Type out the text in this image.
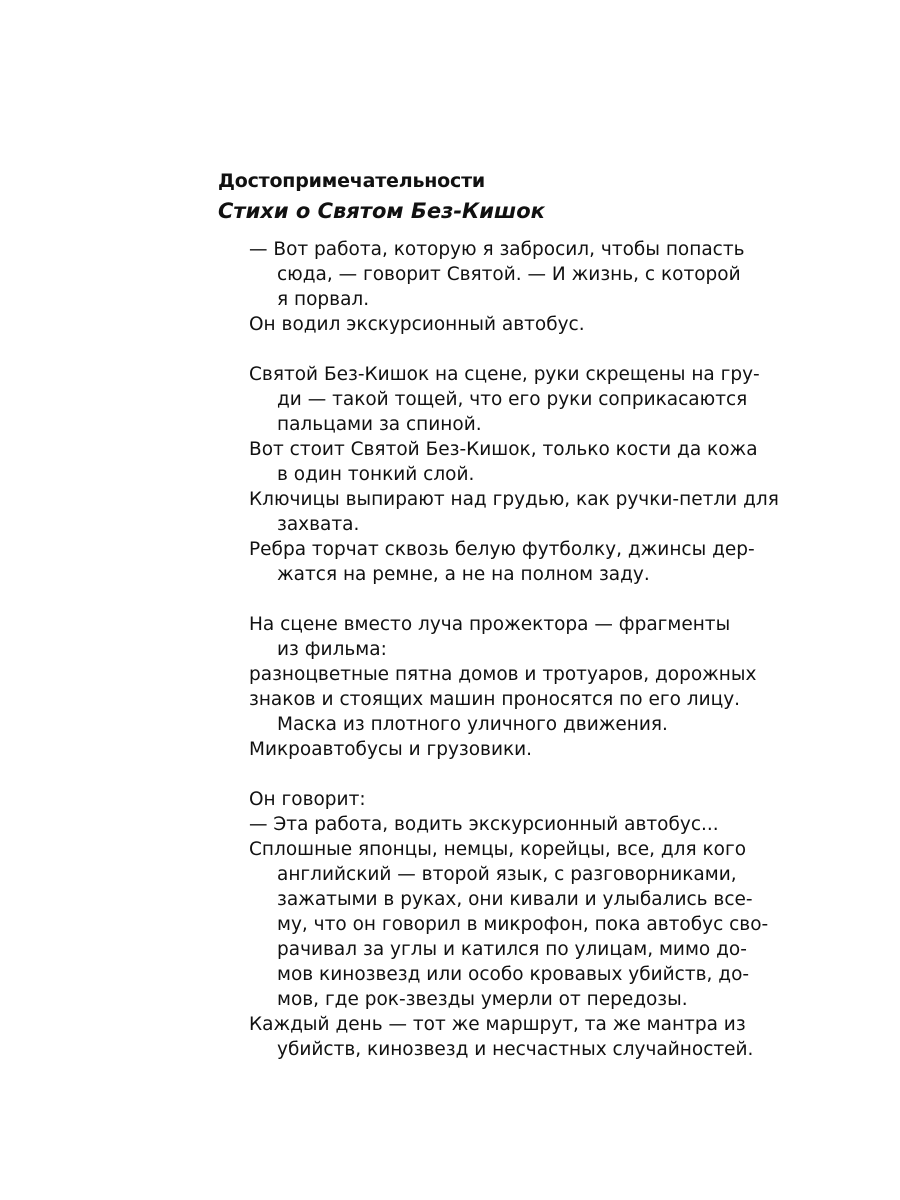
Достопримечательности
Стихи о Святом Без-Кишок
— Вот работа, которую я забросил, чтобы попасть
сюда, — говорит Святой. — И жизнь, с которой
я порвал.
Он водил экскурсионный автобус.
Святой Без-Кишок на сцене, руки скрещены на гру-
ди — такой тощей, что его руки соприкасаются
пальцами за спиной.
Вот стоит Святой Без-Кишок, только кости да кожа
в один тонкий слой.
Ключицы выпирают над грудью, как ручки-петли для
захвата.
Ребра торчат сквозь белую футболку, джинсы дер-
жатся на ремне, а не на полном заду.
На сцене вместо луча прожектора — фрагменты
из фильма:
разноцветные пятна домов и тротуаров, дорожных
знаков и стоящих машин проносятся по его лицу.
Маска из плотного уличного движения.
Микроавтобусы и грузовики.
Он говорит:
— Эта работа, водить экскурсионный автобус...
Сплошные японцы, немцы, корейцы, все, для кого
английский — второй язык, с разговорниками,
зажатыми в руках, они кивали и улыбались все-
му, что он говорил в микрофон, пока автобус сво-
рачивал за углы и катился по улицам, мимо до-
мов кинозвезд или особо кровавых убийств, до-
мов, где рок-звезды умерли от передозы.
Каждый день — тот же маршрут, та же мантра из
убийств, кинозвезд и несчастных случайностей.
